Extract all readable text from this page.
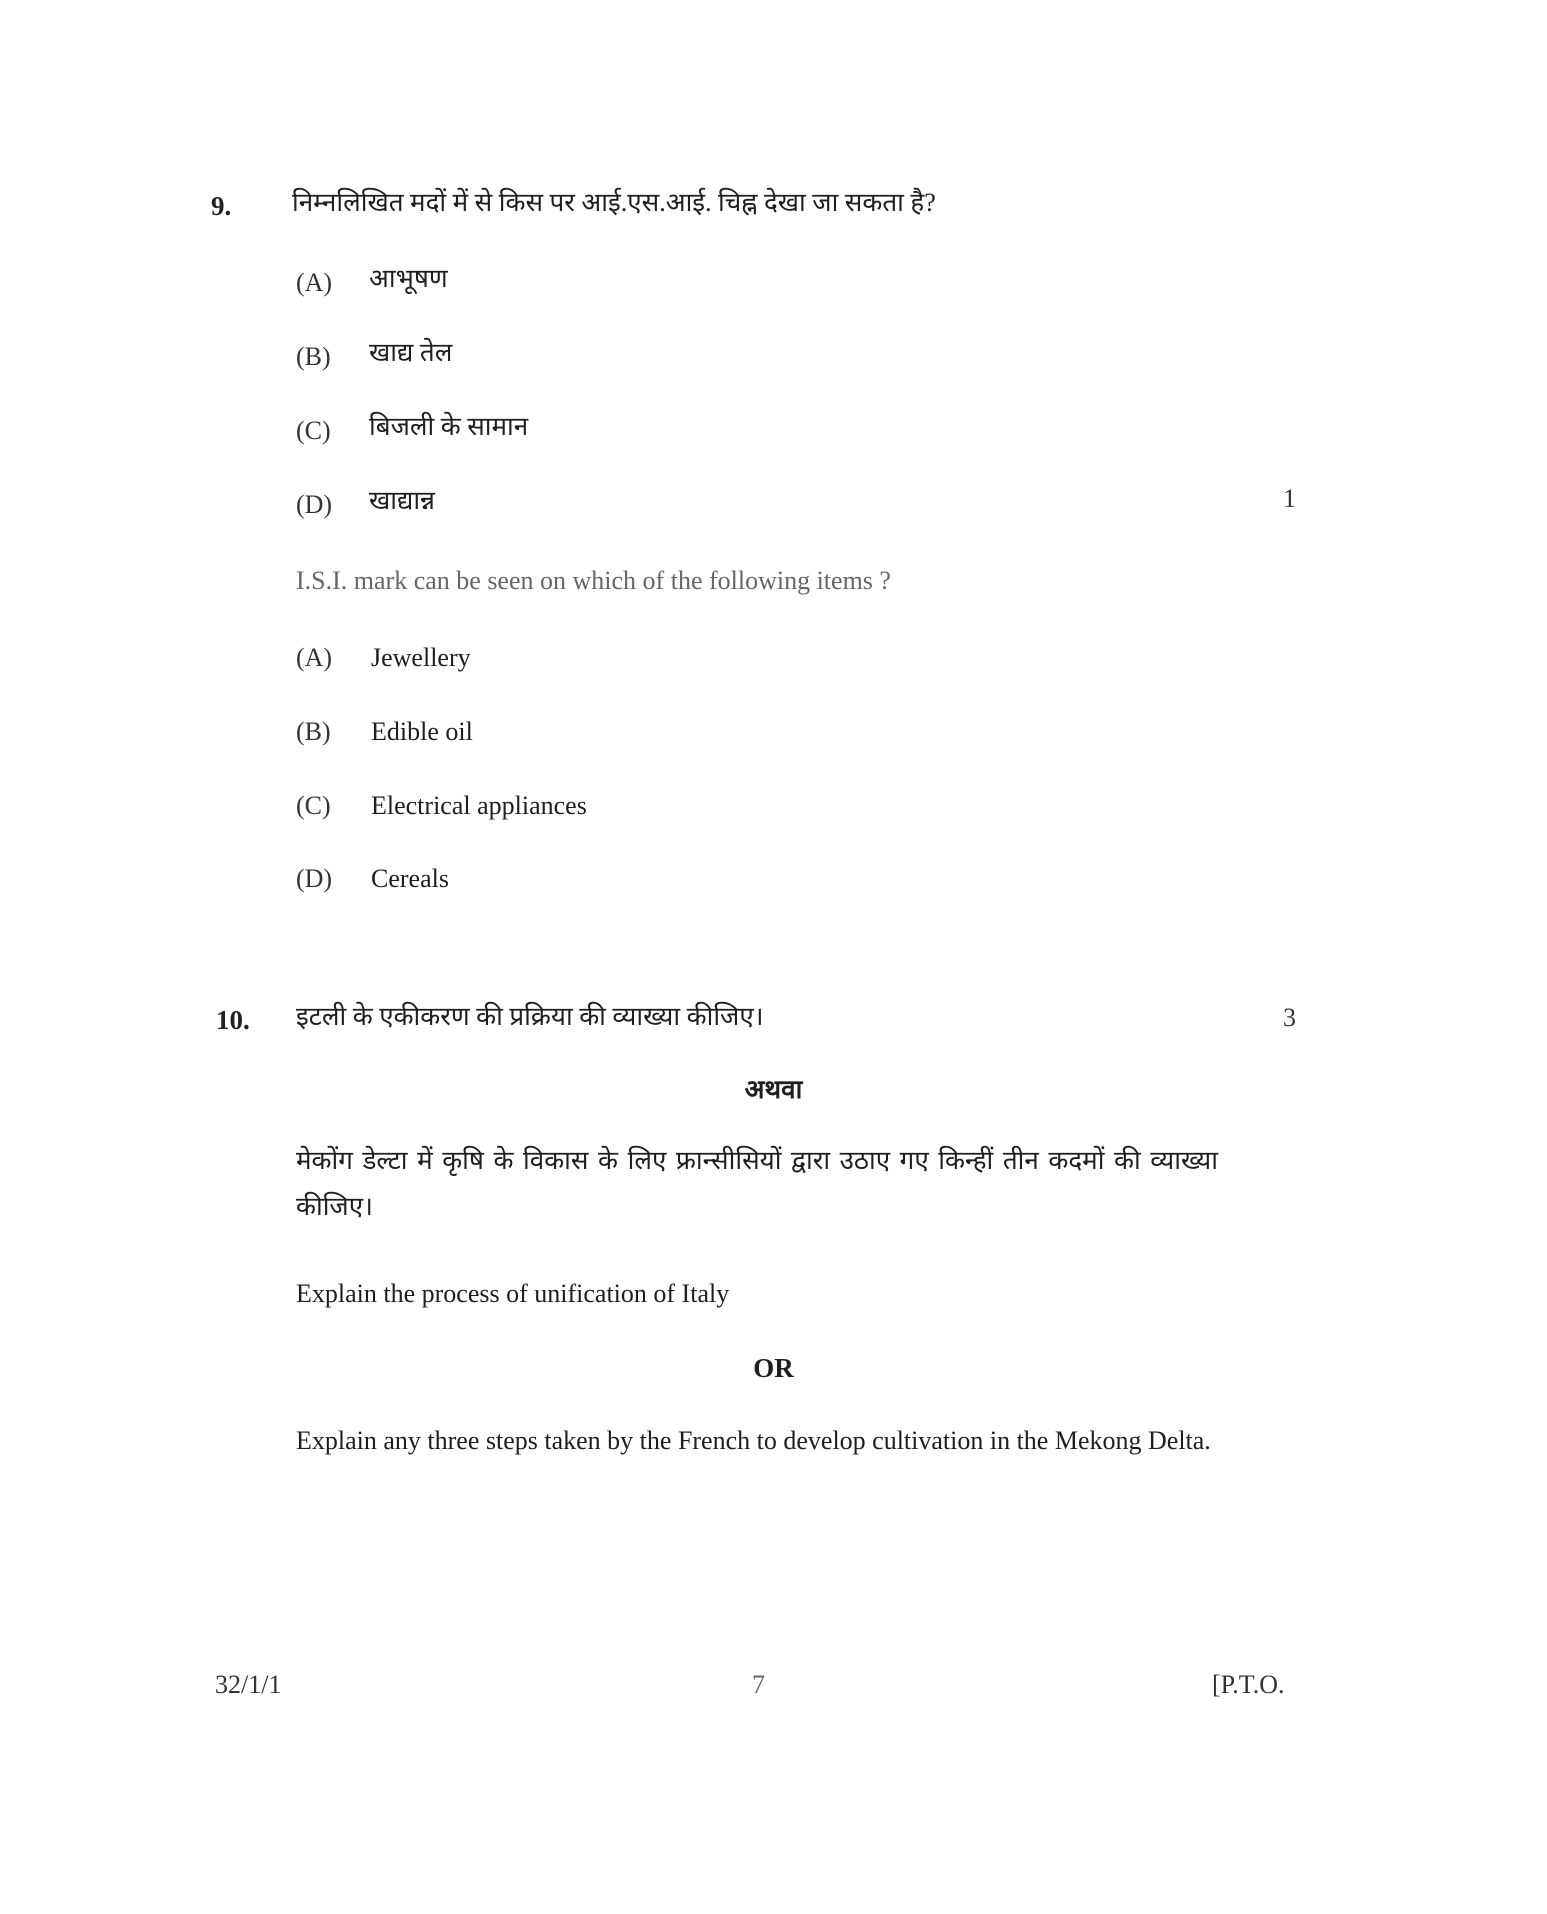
9. निम्नलिखित मदों में से किस पर आई.एस.आई. चिह्न देखा जा सकता है?
(A) आभूषण
(B) खाद्य तेल
(C) बिजली के सामान
(D) खाद्यान्न	1
I.S.I. mark can be seen on which of the following items ?
(A) Jewellery
(B) Edible oil
(C) Electrical appliances
(D) Cereals
10. इटली के एकीकरण की प्रक्रिया की व्याख्या कीजिए।	3
अथवा
मेकोंग डेल्टा में कृषि के विकास के लिए फ्रान्सीसियों द्वारा उठाए गए किन्हीं तीन कदमों की व्याख्या कीजिए।
Explain the process of unification of Italy
OR
Explain any three steps taken by the French to develop cultivation in the Mekong Delta.
32/1/1	7	[P.T.O.
